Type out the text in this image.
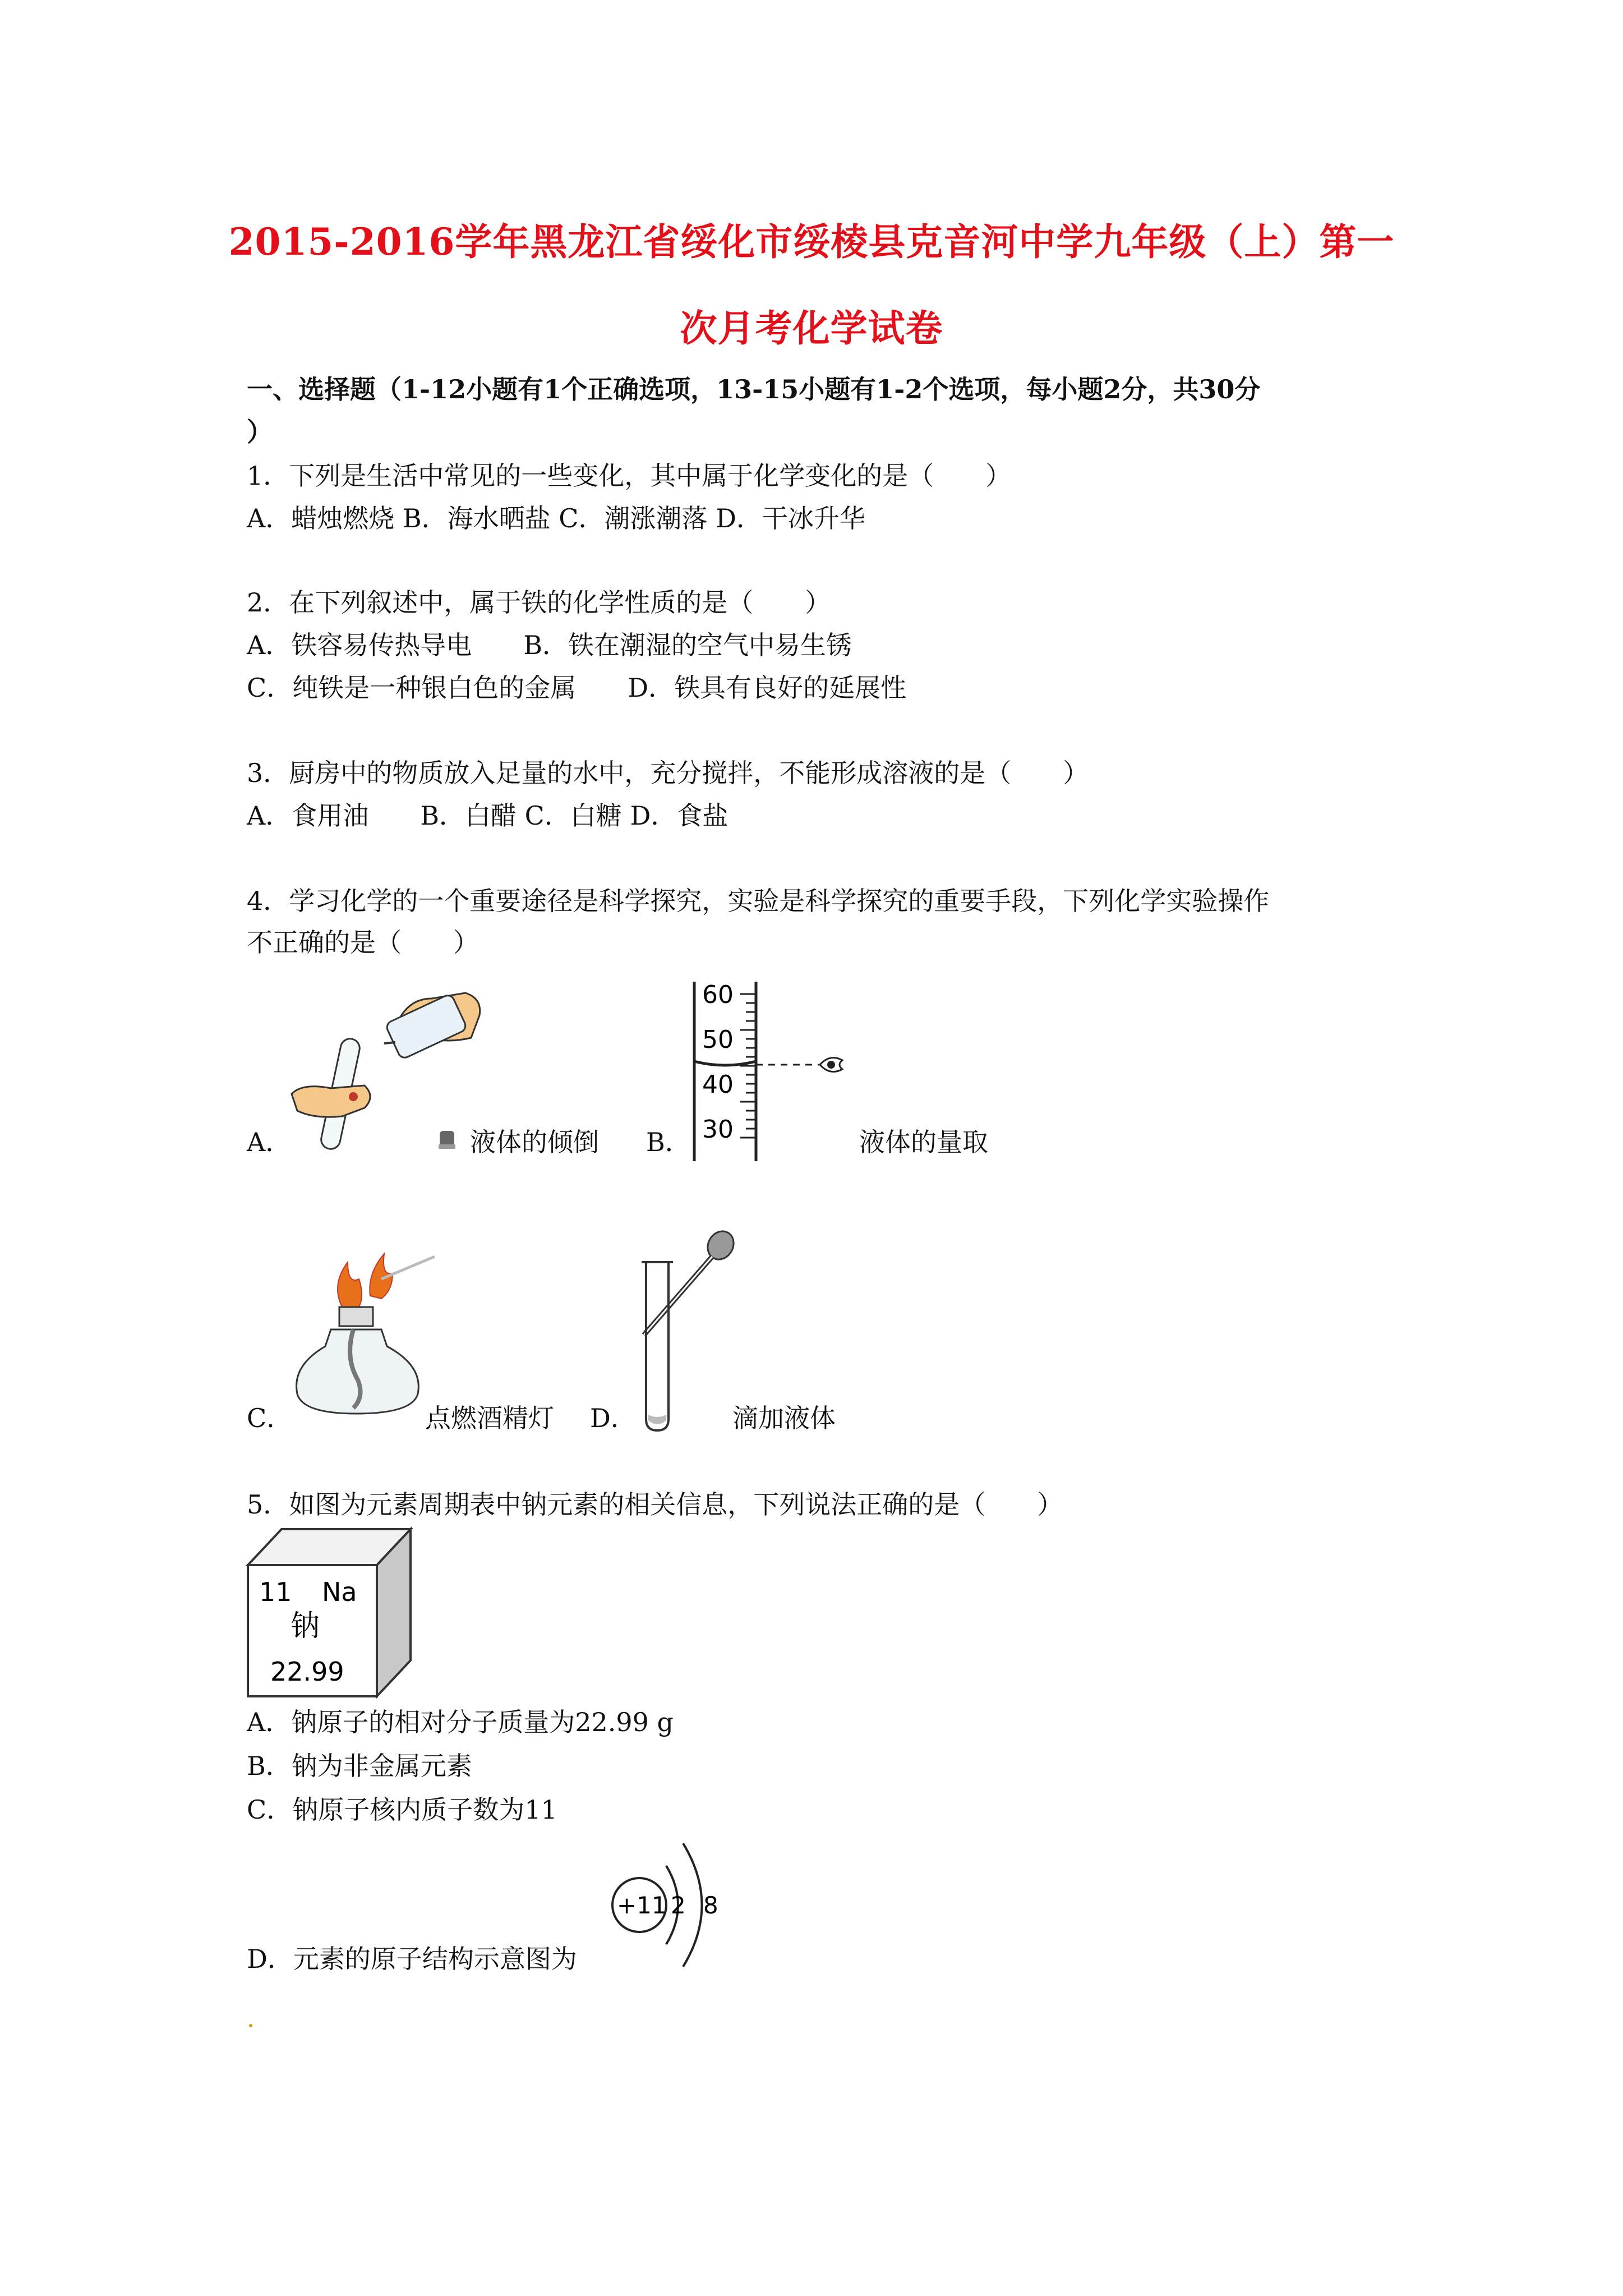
2015-2016学年黑龙江省绥化市绥棱县克音河中学九年级（上）第一
次月考化学试卷
一、选择题（1-12小题有1个正确选项，13-15小题有1-2个选项，每小题2分，共30分
）
1．下列是生活中常见的一些变化，其中属于化学变化的是（　　）
A．蜡烛燃烧 B．海水晒盐 C．潮涨潮落 D．干冰升华
2．在下列叙述中，属于铁的化学性质的是（　　）
A．铁容易传热导电　　B．铁在潮湿的空气中易生锈
C．纯铁是一种银白色的金属　　D．铁具有良好的延展性
3．厨房中的物质放入足量的水中，充分搅拌，不能形成溶液的是（　　）
A．食用油　　B．白醋 C．白糖 D．食盐
4．学习化学的一个重要途径是科学探究，实验是科学探究的重要手段，下列化学实验操作
不正确的是（　　）
A．	液体的倾倒 B．
60
50
40
30	液体的量取
C．	点燃酒精灯 D．	滴加液体
5．如图为元素周期表中钠元素的相关信息，下列说法正确的是（　　）
11 Na
钠
22.99
A．钠原子的相对分子质量为22.99 g
B．钠为非金属元素
C．钠原子核内质子数为11
+11 2 8
D．元素的原子结构示意图为
